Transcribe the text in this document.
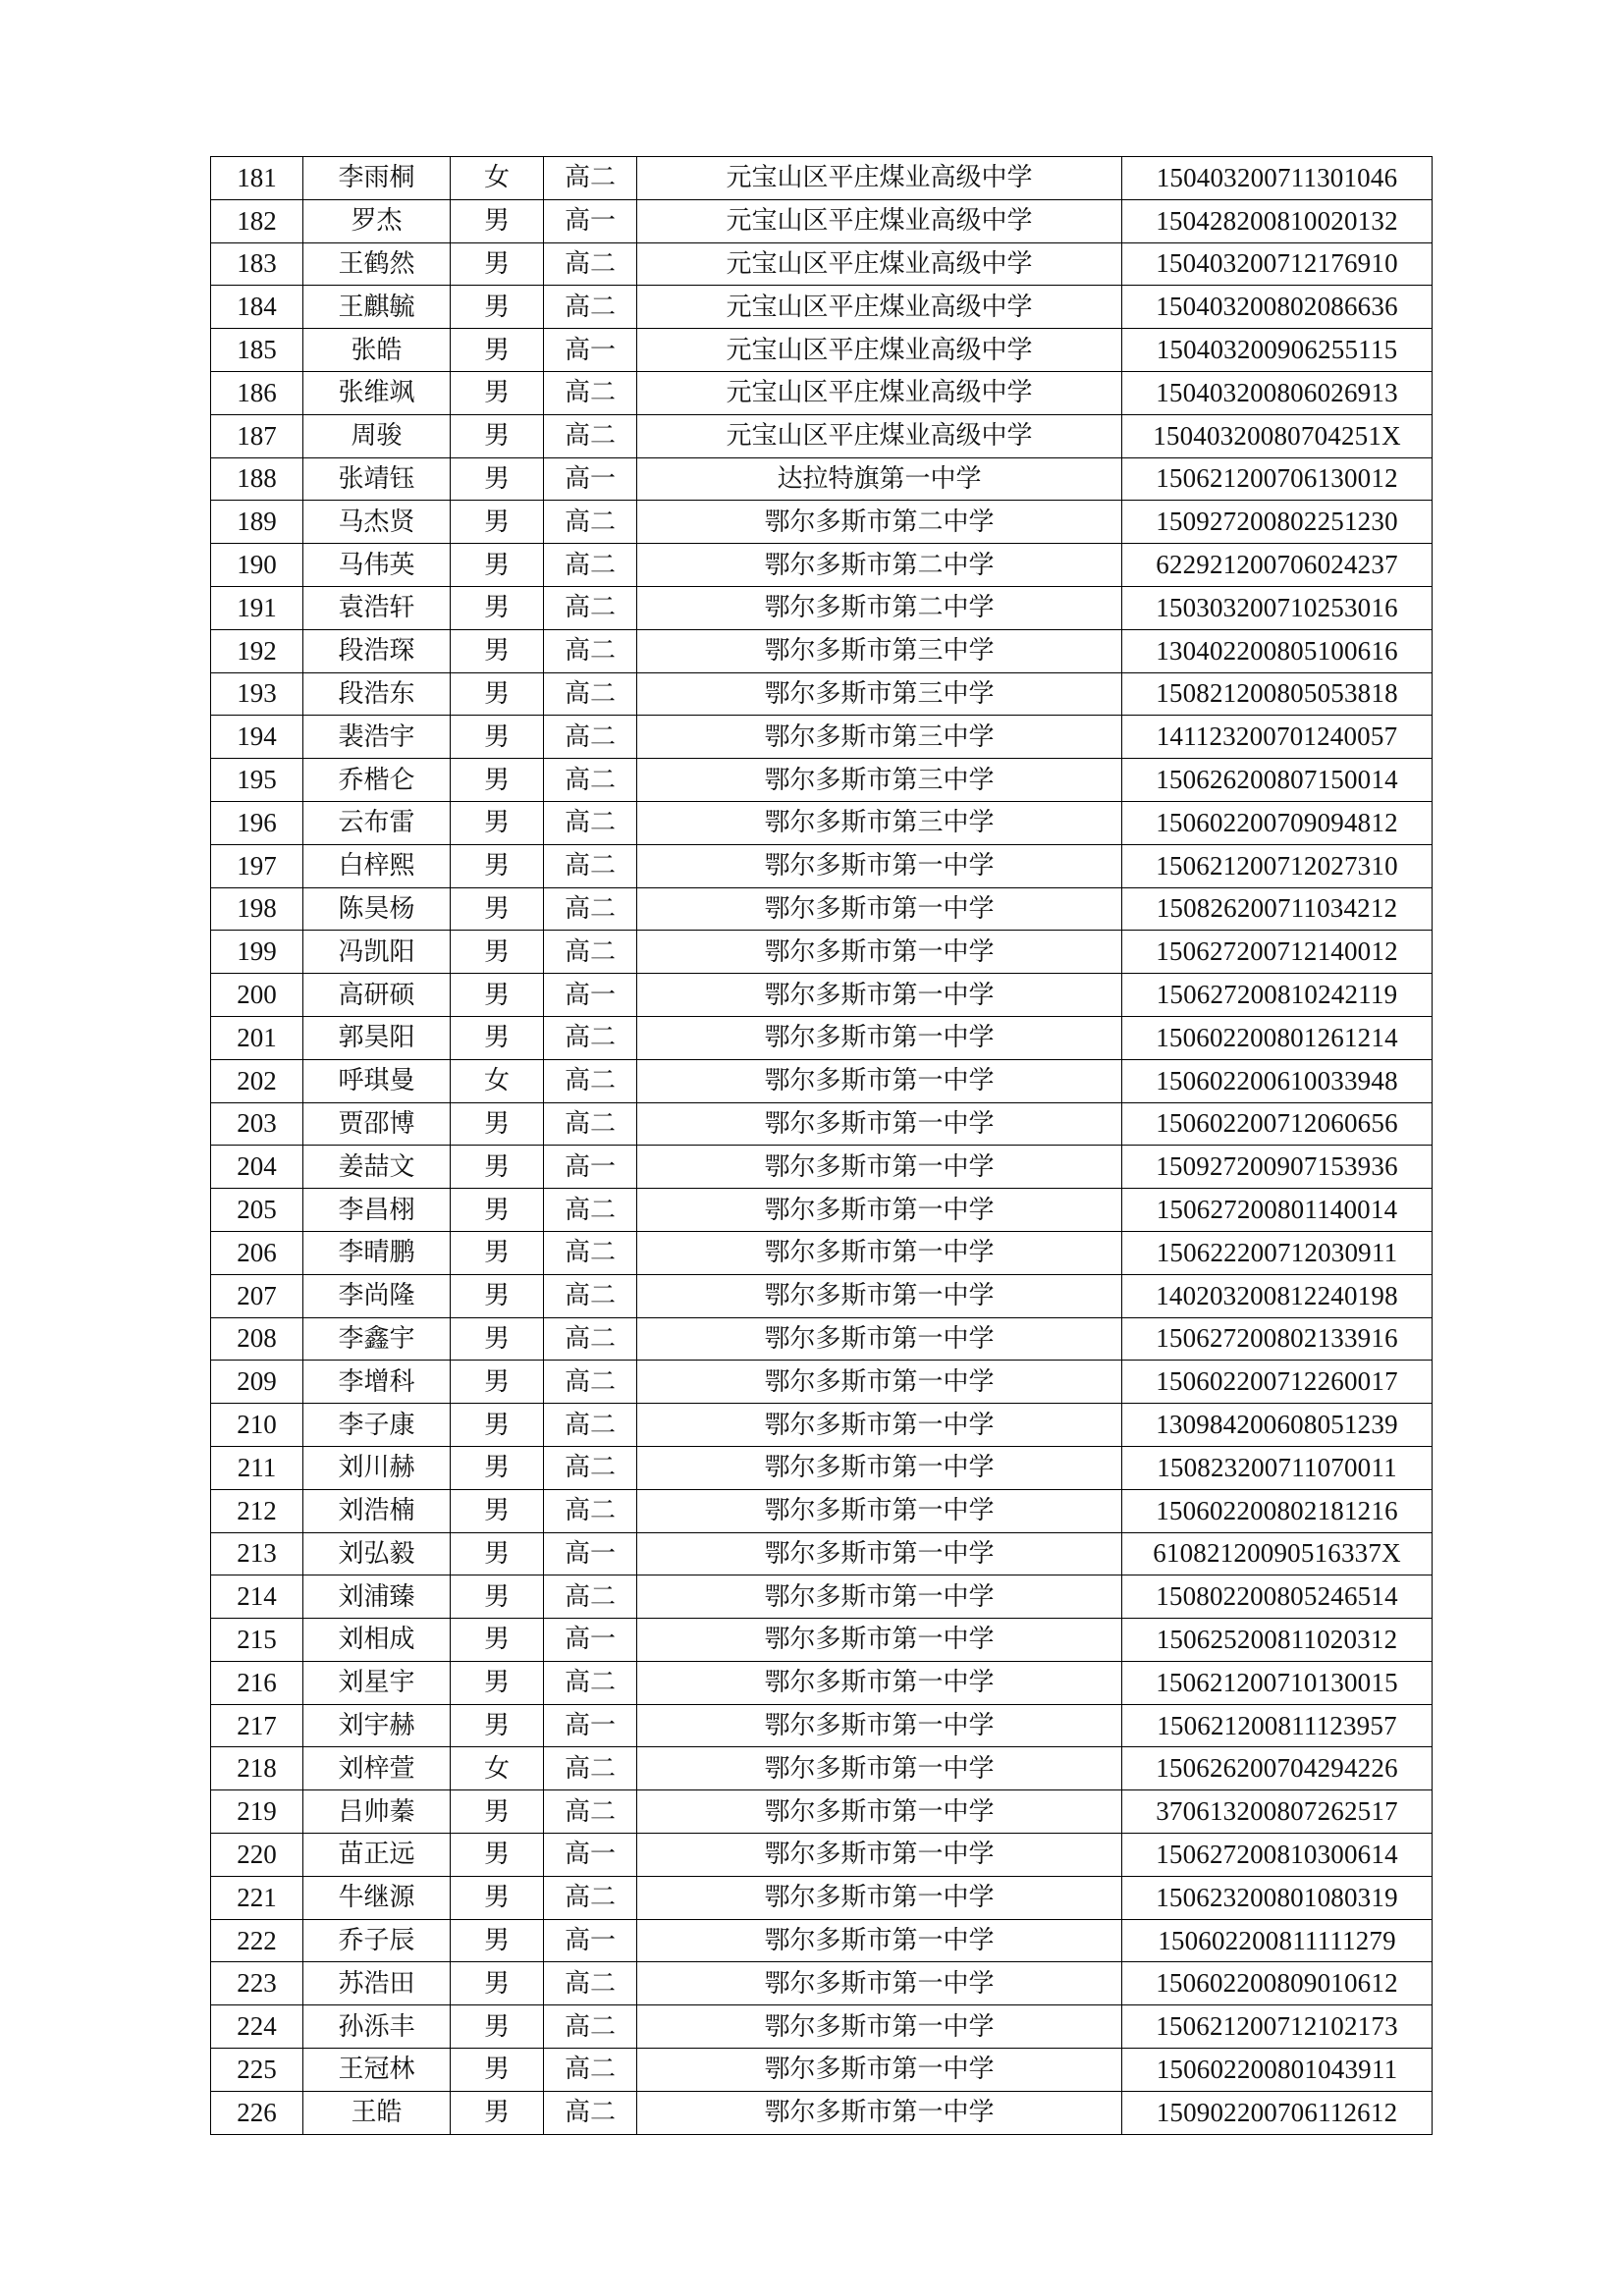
181	李雨桐	女	高二	元宝山区平庄煤业高级中学	150403200711301046
182	罗杰	男	高一	元宝山区平庄煤业高级中学	150428200810020132
183	王鹤然	男	高二	元宝山区平庄煤业高级中学	150403200712176910
184	王麒毓	男	高二	元宝山区平庄煤业高级中学	150403200802086636
185	张皓	男	高一	元宝山区平庄煤业高级中学	150403200906255115
186	张维飒	男	高二	元宝山区平庄煤业高级中学	150403200806026913
187	周骏	男	高二	元宝山区平庄煤业高级中学	15040320080704251X
188	张靖钰	男	高一	达拉特旗第一中学	150621200706130012
189	马杰贤	男	高二	鄂尔多斯市第二中学	150927200802251230
190	马伟英	男	高二	鄂尔多斯市第二中学	622921200706024237
191	袁浩轩	男	高二	鄂尔多斯市第二中学	150303200710253016
192	段浩琛	男	高二	鄂尔多斯市第三中学	130402200805100616
193	段浩东	男	高二	鄂尔多斯市第三中学	150821200805053818
194	裴浩宇	男	高二	鄂尔多斯市第三中学	141123200701240057
195	乔楷仑	男	高二	鄂尔多斯市第三中学	150626200807150014
196	云布雷	男	高二	鄂尔多斯市第三中学	150602200709094812
197	白梓熙	男	高二	鄂尔多斯市第一中学	150621200712027310
198	陈昊杨	男	高二	鄂尔多斯市第一中学	150826200711034212
199	冯凯阳	男	高二	鄂尔多斯市第一中学	150627200712140012
200	高研硕	男	高一	鄂尔多斯市第一中学	150627200810242119
201	郭昊阳	男	高二	鄂尔多斯市第一中学	150602200801261214
202	呼琪曼	女	高二	鄂尔多斯市第一中学	150602200610033948
203	贾邵博	男	高二	鄂尔多斯市第一中学	150602200712060656
204	姜喆文	男	高一	鄂尔多斯市第一中学	150927200907153936
205	李昌栩	男	高二	鄂尔多斯市第一中学	150627200801140014
206	李晴鹏	男	高二	鄂尔多斯市第一中学	150622200712030911
207	李尚隆	男	高二	鄂尔多斯市第一中学	140203200812240198
208	李鑫宇	男	高二	鄂尔多斯市第一中学	150627200802133916
209	李增科	男	高二	鄂尔多斯市第一中学	150602200712260017
210	李子康	男	高二	鄂尔多斯市第一中学	130984200608051239
211	刘川赫	男	高二	鄂尔多斯市第一中学	150823200711070011
212	刘浩楠	男	高二	鄂尔多斯市第一中学	150602200802181216
213	刘弘毅	男	高一	鄂尔多斯市第一中学	61082120090516337X
214	刘浦臻	男	高二	鄂尔多斯市第一中学	150802200805246514
215	刘相成	男	高一	鄂尔多斯市第一中学	150625200811020312
216	刘星宇	男	高二	鄂尔多斯市第一中学	150621200710130015
217	刘宇赫	男	高一	鄂尔多斯市第一中学	150621200811123957
218	刘梓萱	女	高二	鄂尔多斯市第一中学	150626200704294226
219	吕帅蓁	男	高二	鄂尔多斯市第一中学	370613200807262517
220	苗正远	男	高一	鄂尔多斯市第一中学	150627200810300614
221	牛继源	男	高二	鄂尔多斯市第一中学	150623200801080319
222	乔子辰	男	高一	鄂尔多斯市第一中学	150602200811111279
223	苏浩田	男	高二	鄂尔多斯市第一中学	150602200809010612
224	孙泺丰	男	高二	鄂尔多斯市第一中学	150621200712102173
225	王冠林	男	高二	鄂尔多斯市第一中学	150602200801043911
226	王皓	男	高二	鄂尔多斯市第一中学	150902200706112612
